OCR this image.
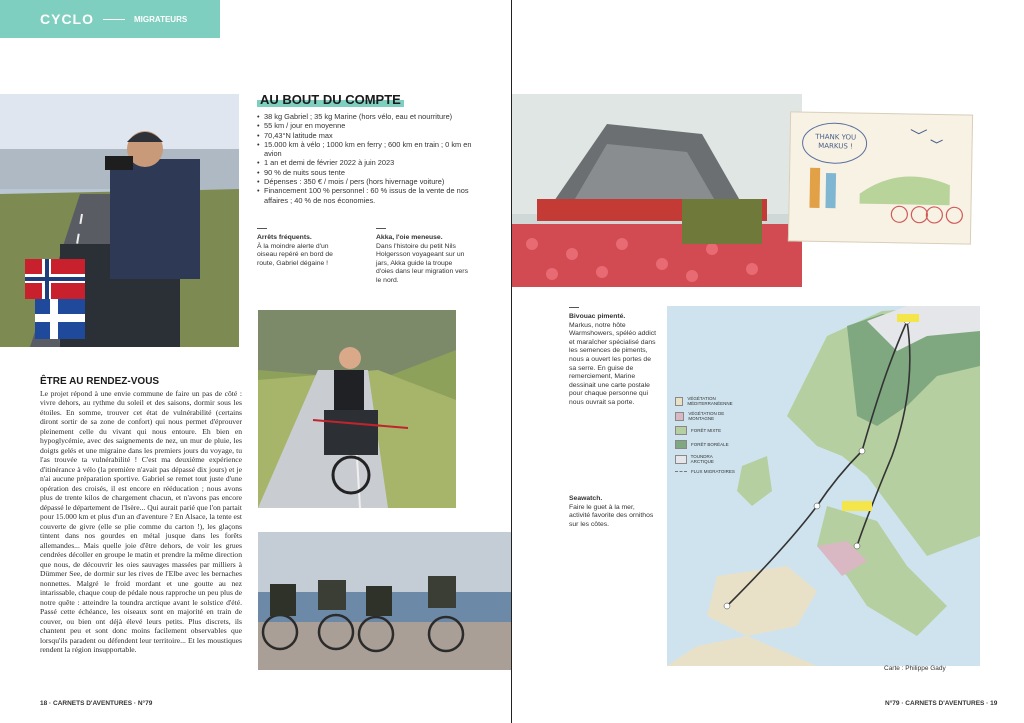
CYCLO	MIGRATEURS
AU BOUT DU COMPTE
• 38 kg Gabriel ; 35 kg Marine (hors vélo, eau et nourriture)
• 55 km / jour en moyenne
• 70,43°N latitude max
• 15.000 km à vélo ; 1000 km en ferry ; 600 km en train ; 0 km en avion
• 1 an et demi de février 2022 à juin 2023
• 90 % de nuits sous tente
• Dépenses : 350 € / mois / pers (hors hivernage voiture)
• Financement 100 % personnel : 60 % issus de la vente de nos affaires ; 40 % de nos économies.
Arrêts fréquents.
À la moindre alerte d'un oiseau repéré en bord de route, Gabriel dégaine !
Akka, l'oie meneuse.
Dans l'histoire du petit Nils Holgersson voyageant sur un jars, Akka guide la troupe d'oies dans leur migration vers le nord.
ÊTRE AU RENDEZ-VOUS

Le projet répond à une envie commune de faire un pas de côté : vivre dehors, au rythme du soleil et des saisons, dormir sous les étoiles. En somme, trouver cet état de vulnérabilité (certains diront sortir de sa zone de confort) qui nous permet d'éprouver pleinement celle du vivant qui nous entoure. Eh bien en hypoglycémie, avec des saignements de nez, un mur de pluie, les doigts gelés et une migraine dans les premiers jours du voyage, tu l'as trouvée ta vulnérabilité ! C'est ma deuxième expérience d'itinérance à vélo (la première n'avait pas dépassé dix jours) et je n'ai aucune préparation sportive. Gabriel se remet tout juste d'une opération des croisés, il est encore en rééducation ; nous avons plus de trente kilos de chargement chacun, et n'avons pas encore dépassé le département de l'Isère... Qui aurait parié que l'on partait pour 15.000 km et plus d'un an d'aventure ? En Alsace, la tente est couverte de givre (elle se plie comme du carton !), les glaçons tintent dans nos gourdes en métal jusque dans les forêts allemandes... Mais quelle joie d'être dehors, de voir les grues cendrées décoller en groupe le matin et prendre la même direction que nous, de découvrir les oies sauvages massées par milliers à Dümmer See, de dormir sur les rives de l'Elbe avec les bernaches nonnettes. Malgré le froid mordant et une goutte au nez intarissable, chaque coup de pédale nous rapproche un peu plus de notre quête : atteindre la toundra arctique avant le solstice d'été. Passé cette échéance, les oiseaux sont en majorité en train de couver, ou bien ont déjà élevé leurs petits. Plus discrets, ils chantent peu et sont donc moins facilement observables que lorsqu'ils paradent ou défendent leur territoire... Et les moustiques rendent la région insupportable.

18 · CARNETS D'AVENTURES · N°79
THANK YOU
MARKUS !
Bivouac pimenté.
Markus, notre hôte Warmshowers, spéléo addict et maraîcher spécialisé dans les semences de piments, nous a ouvert les portes de sa serre. En guise de remerciement, Marine dessinait une carte postale pour chaque personne qui nous ouvrait sa porte.
Seawatch.
Faire le guet à la mer, activité favorite des ornithos sur les côtes.
VÉGÉTATION MÉDITERRANÉENNE
VÉGÉTATION DE MONTAGNE
FORÊT MIXTE
FORÊT BORÉALE
TOUNDRA ARCTIQUE
FLUX MIGRATOIRES
Carte : Philippe Gady
N°79 · CARNETS D'AVENTURES · 19
